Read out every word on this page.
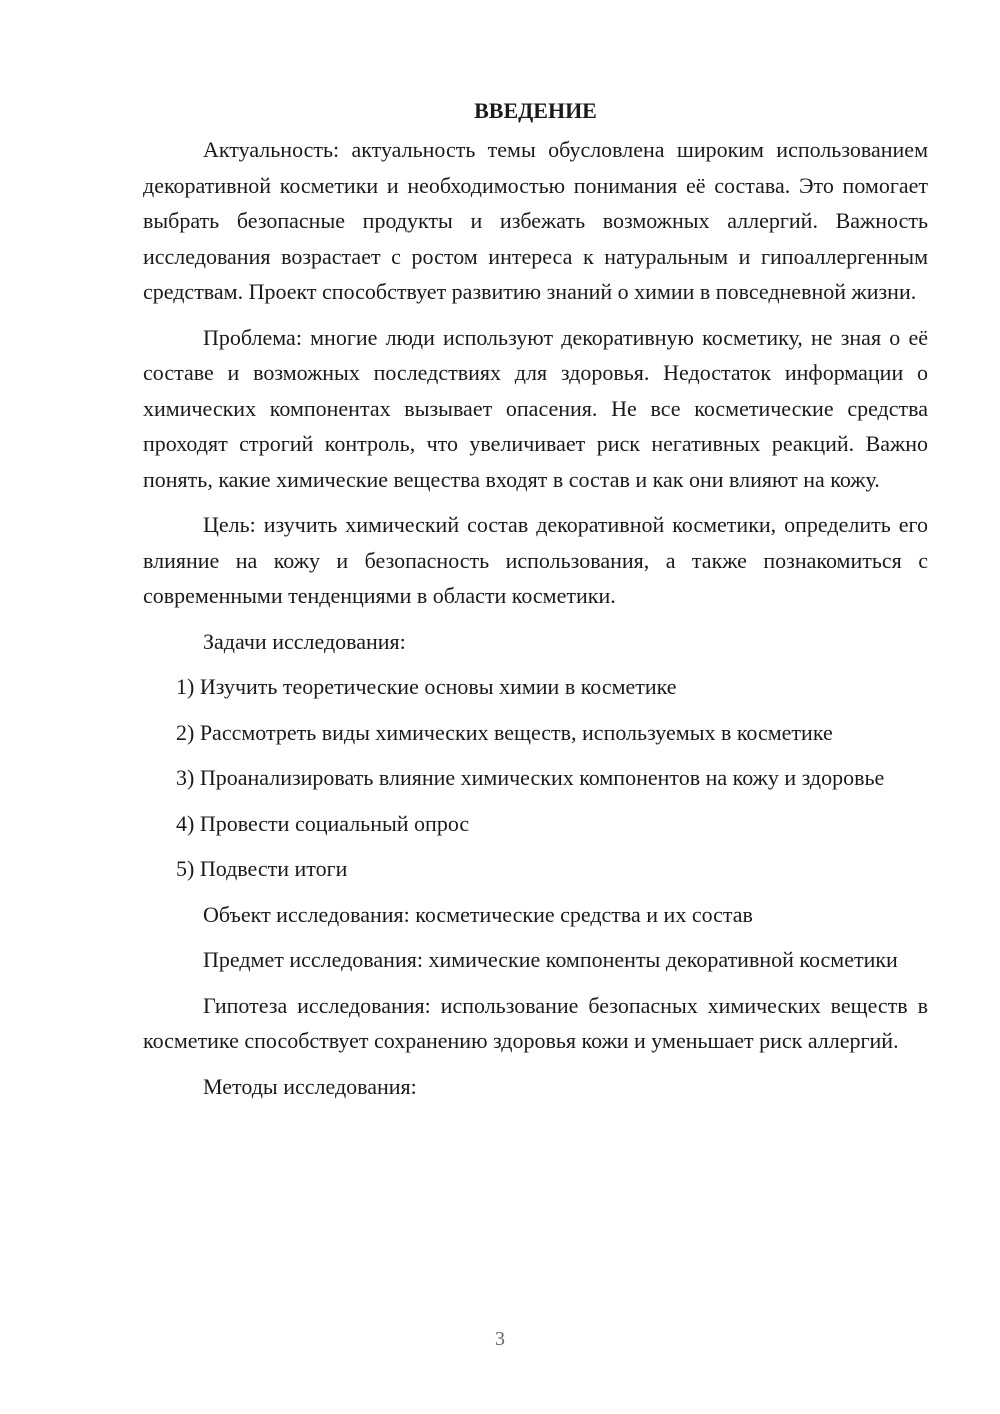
ВВЕДЕНИЕ

Актуальность: актуальность темы обусловлена широким использованием декоративной косметики и необходимостью понимания её состава. Это помогает выбрать безопасные продукты и избежать возможных аллергий. Важность исследования возрастает с ростом интереса к натуральным и гипоаллергенным средствам. Проект способствует развитию знаний о химии в повседневной жизни.

Проблема: многие люди используют декоративную косметику, не зная о её составе и возможных последствиях для здоровья. Недостаток информации о химических компонентах вызывает опасения. Не все косметические средства проходят строгий контроль, что увеличивает риск негативных реакций. Важно понять, какие химические вещества входят в состав и как они влияют на кожу.

Цель: изучить химический состав декоративной косметики, определить его влияние на кожу и безопасность использования, а также познакомиться с современными тенденциями в области косметики.

Задачи исследования:

1) Изучить теоретические основы химии в косметике

2) Рассмотреть виды химических веществ, используемых в косметике

3) Проанализировать влияние химических компонентов на кожу и здоровье

4) Провести социальный опрос

5) Подвести итоги

Объект исследования: косметические средства и их состав

Предмет исследования: химические компоненты декоративной косметики

Гипотеза исследования: использование безопасных химических веществ в косметике способствует сохранению здоровья кожи и уменьшает риск аллергий.

Методы исследования:

3
